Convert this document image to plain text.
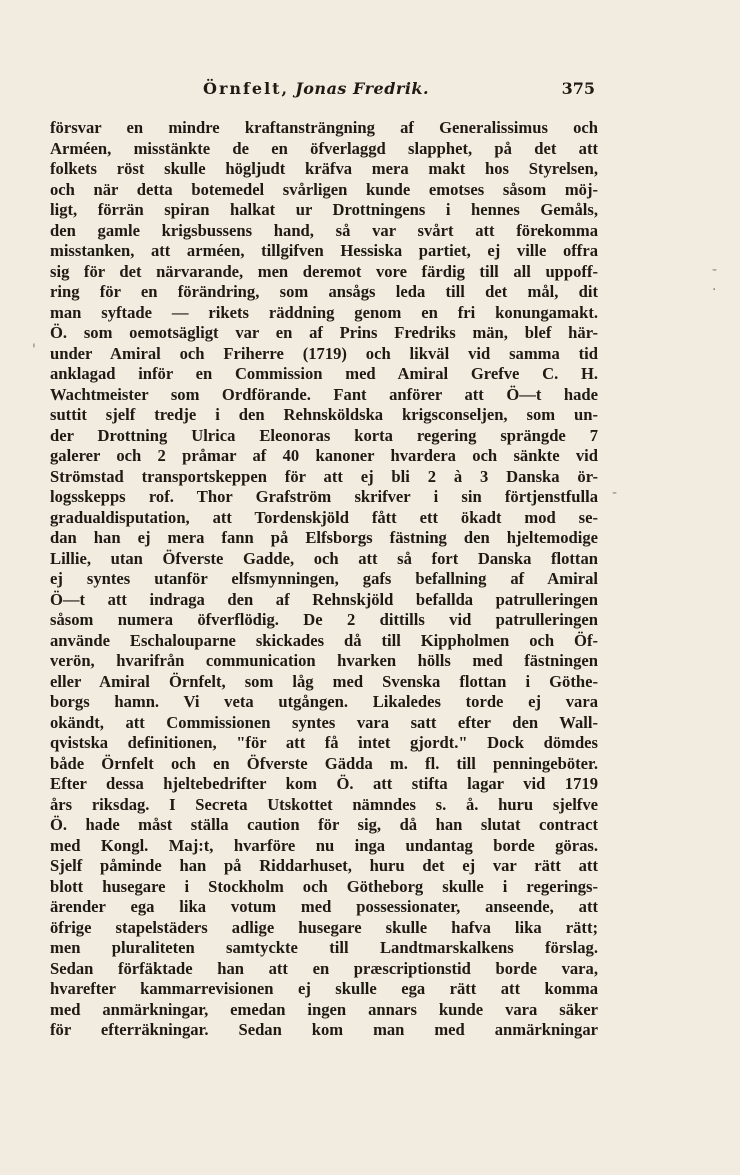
Örnfelt, Jonas Fredrik.	375
försvar en mindre kraftansträngning af Generalissimus och
Arméen, misstänkte de en öfverlaggd slapphet, på det att
folkets röst skulle högljudt kräfva mera makt hos Styrelsen,
och när detta botemedel svårligen kunde emotses såsom möj-
ligt, förrän spiran halkat ur Drottningens i hennes Gemåls,
den gamle krigsbussens hand, så var svårt att förekomma
misstanken, att arméen, tillgifven Hessiska partiet, ej ville offra
sig för det närvarande, men deremot vore färdig till all uppoff-
ring för en förändring, som ansågs leda till det mål, dit
man syftade — rikets räddning genom en fri konungamakt.
Ö. som oemotsägligt var en af Prins Fredriks män, blef här-
under Amiral och Friherre (1719) och likväl vid samma tid
anklagad inför en Commission med Amiral Grefve C. H.
Wachtmeister som Ordförande. Fant anförer att Ö—t hade
suttit sjelf tredje i den Rehnsköldska krigsconseljen, som un-
der Drottning Ulrica Eleonoras korta regering sprängde 7
galerer och 2 pråmar af 40 kanoner hvardera och sänkte vid
Strömstad transportskeppen för att ej bli 2 à 3 Danska ör-
logsskepps rof. Thor Grafström skrifver i sin förtjenstfulla
gradualdisputation, att Tordenskjöld fått ett ökadt mod se-
dan han ej mera fann på Elfsborgs fästning den hjeltemodige
Lillie, utan Öfverste Gadde, och att så fort Danska flottan
ej syntes utanför elfsmynningen, gafs befallning af Amiral
Ö—t att indraga den af Rehnskjöld befallda patrulleringen
såsom numera öfverflödig. De 2 dittills vid patrulleringen
använde Eschalouparne skickades då till Kippholmen och Öf-
verön, hvarifrån communication hvarken hölls med fästningen
eller Amiral Örnfelt, som låg med Svenska flottan i Göthe-
borgs hamn. Vi veta utgången. Likaledes torde ej vara
okändt, att Commissionen syntes vara satt efter den Wall-
qvistska definitionen, "för att få intet gjordt." Dock dömdes
både Örnfelt och en Öfverste Gädda m. fl. till penningeböter.
Efter dessa hjeltebedrifter kom Ö. att stifta lagar vid 1719
års riksdag. I Secreta Utskottet nämndes s. å. huru sjelfve
Ö. hade måst ställa caution för sig, då han slutat contract
med Kongl. Maj:t, hvarföre nu inga undantag borde göras.
Sjelf påminde han på Riddarhuset, huru det ej var rätt att
blott husegare i Stockholm och Götheborg skulle i regerings-
ärender ega lika votum med possessionater, anseende, att
öfrige stapelstäders adlige husegare skulle hafva lika rätt;
men pluraliteten samtyckte till Landtmarskalkens förslag.
Sedan förfäktade han att en præscriptionstid borde vara,
hvarefter kammarrevisionen ej skulle ega rätt att komma
med anmärkningar, emedan ingen annars kunde vara säker
för efterräkningar. Sedan kom man med anmärkningar
-
'
·
-
